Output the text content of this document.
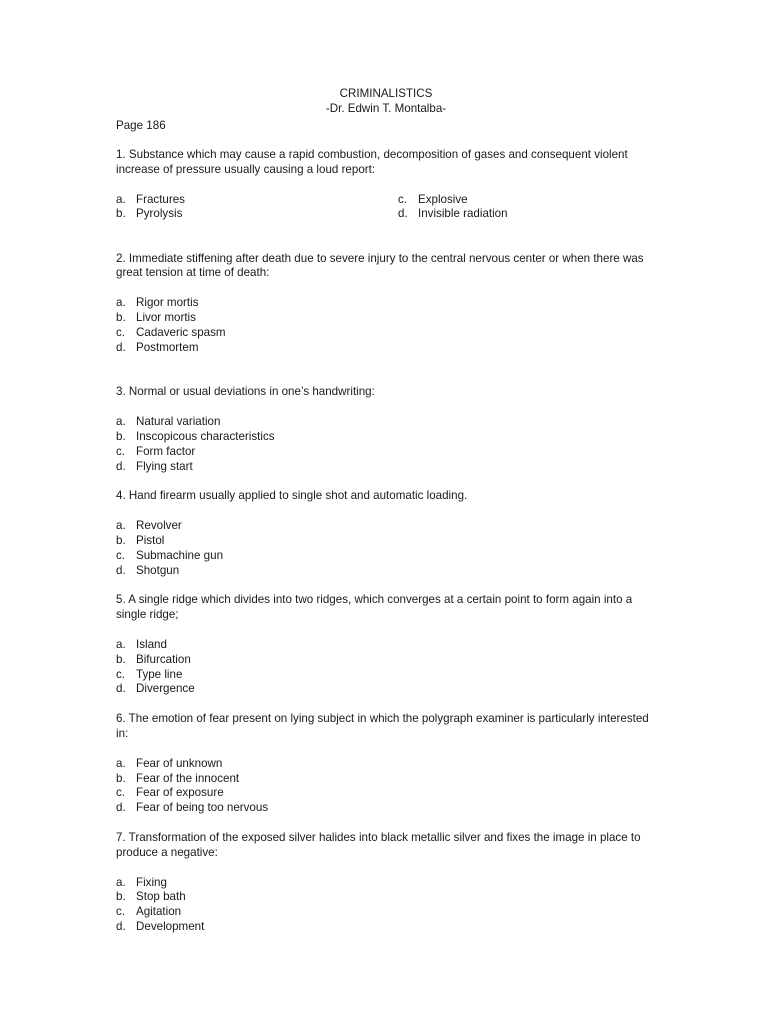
CRIMINALISTICS
-Dr. Edwin T. Montalba-
Page 186

1. Substance which may cause a rapid combustion, decomposition of gases and consequent violent increase of pressure usually causing a loud report:

a. Fractures
b. Pyrolysis
c. Explosive
d. Invisible radiation

2. Immediate stiffening after death due to severe injury to the central nervous center or when there was great tension at time of death:

a. Rigor mortis
b. Livor mortis
c. Cadaveric spasm
d. Postmortem

3. Normal or usual deviations in one’s handwriting:

a. Natural variation
b. Inscopicous characteristics
c. Form factor
d. Flying start

4. Hand firearm usually applied to single shot and automatic loading.

a. Revolver
b. Pistol
c. Submachine gun
d. Shotgun

5. A single ridge which divides into two ridges, which converges at a certain point to form again into a single ridge;

a. Island
b. Bifurcation
c. Type line
d. Divergence

6. The emotion of fear present on lying subject in which the polygraph examiner is particularly interested in:

a. Fear of unknown
b. Fear of the innocent
c. Fear of exposure
d. Fear of being too nervous

7. Transformation of the exposed silver halides into black metallic silver and fixes the image in place to produce a negative:

a. Fixing
b. Stop bath
c. Agitation
d. Development
